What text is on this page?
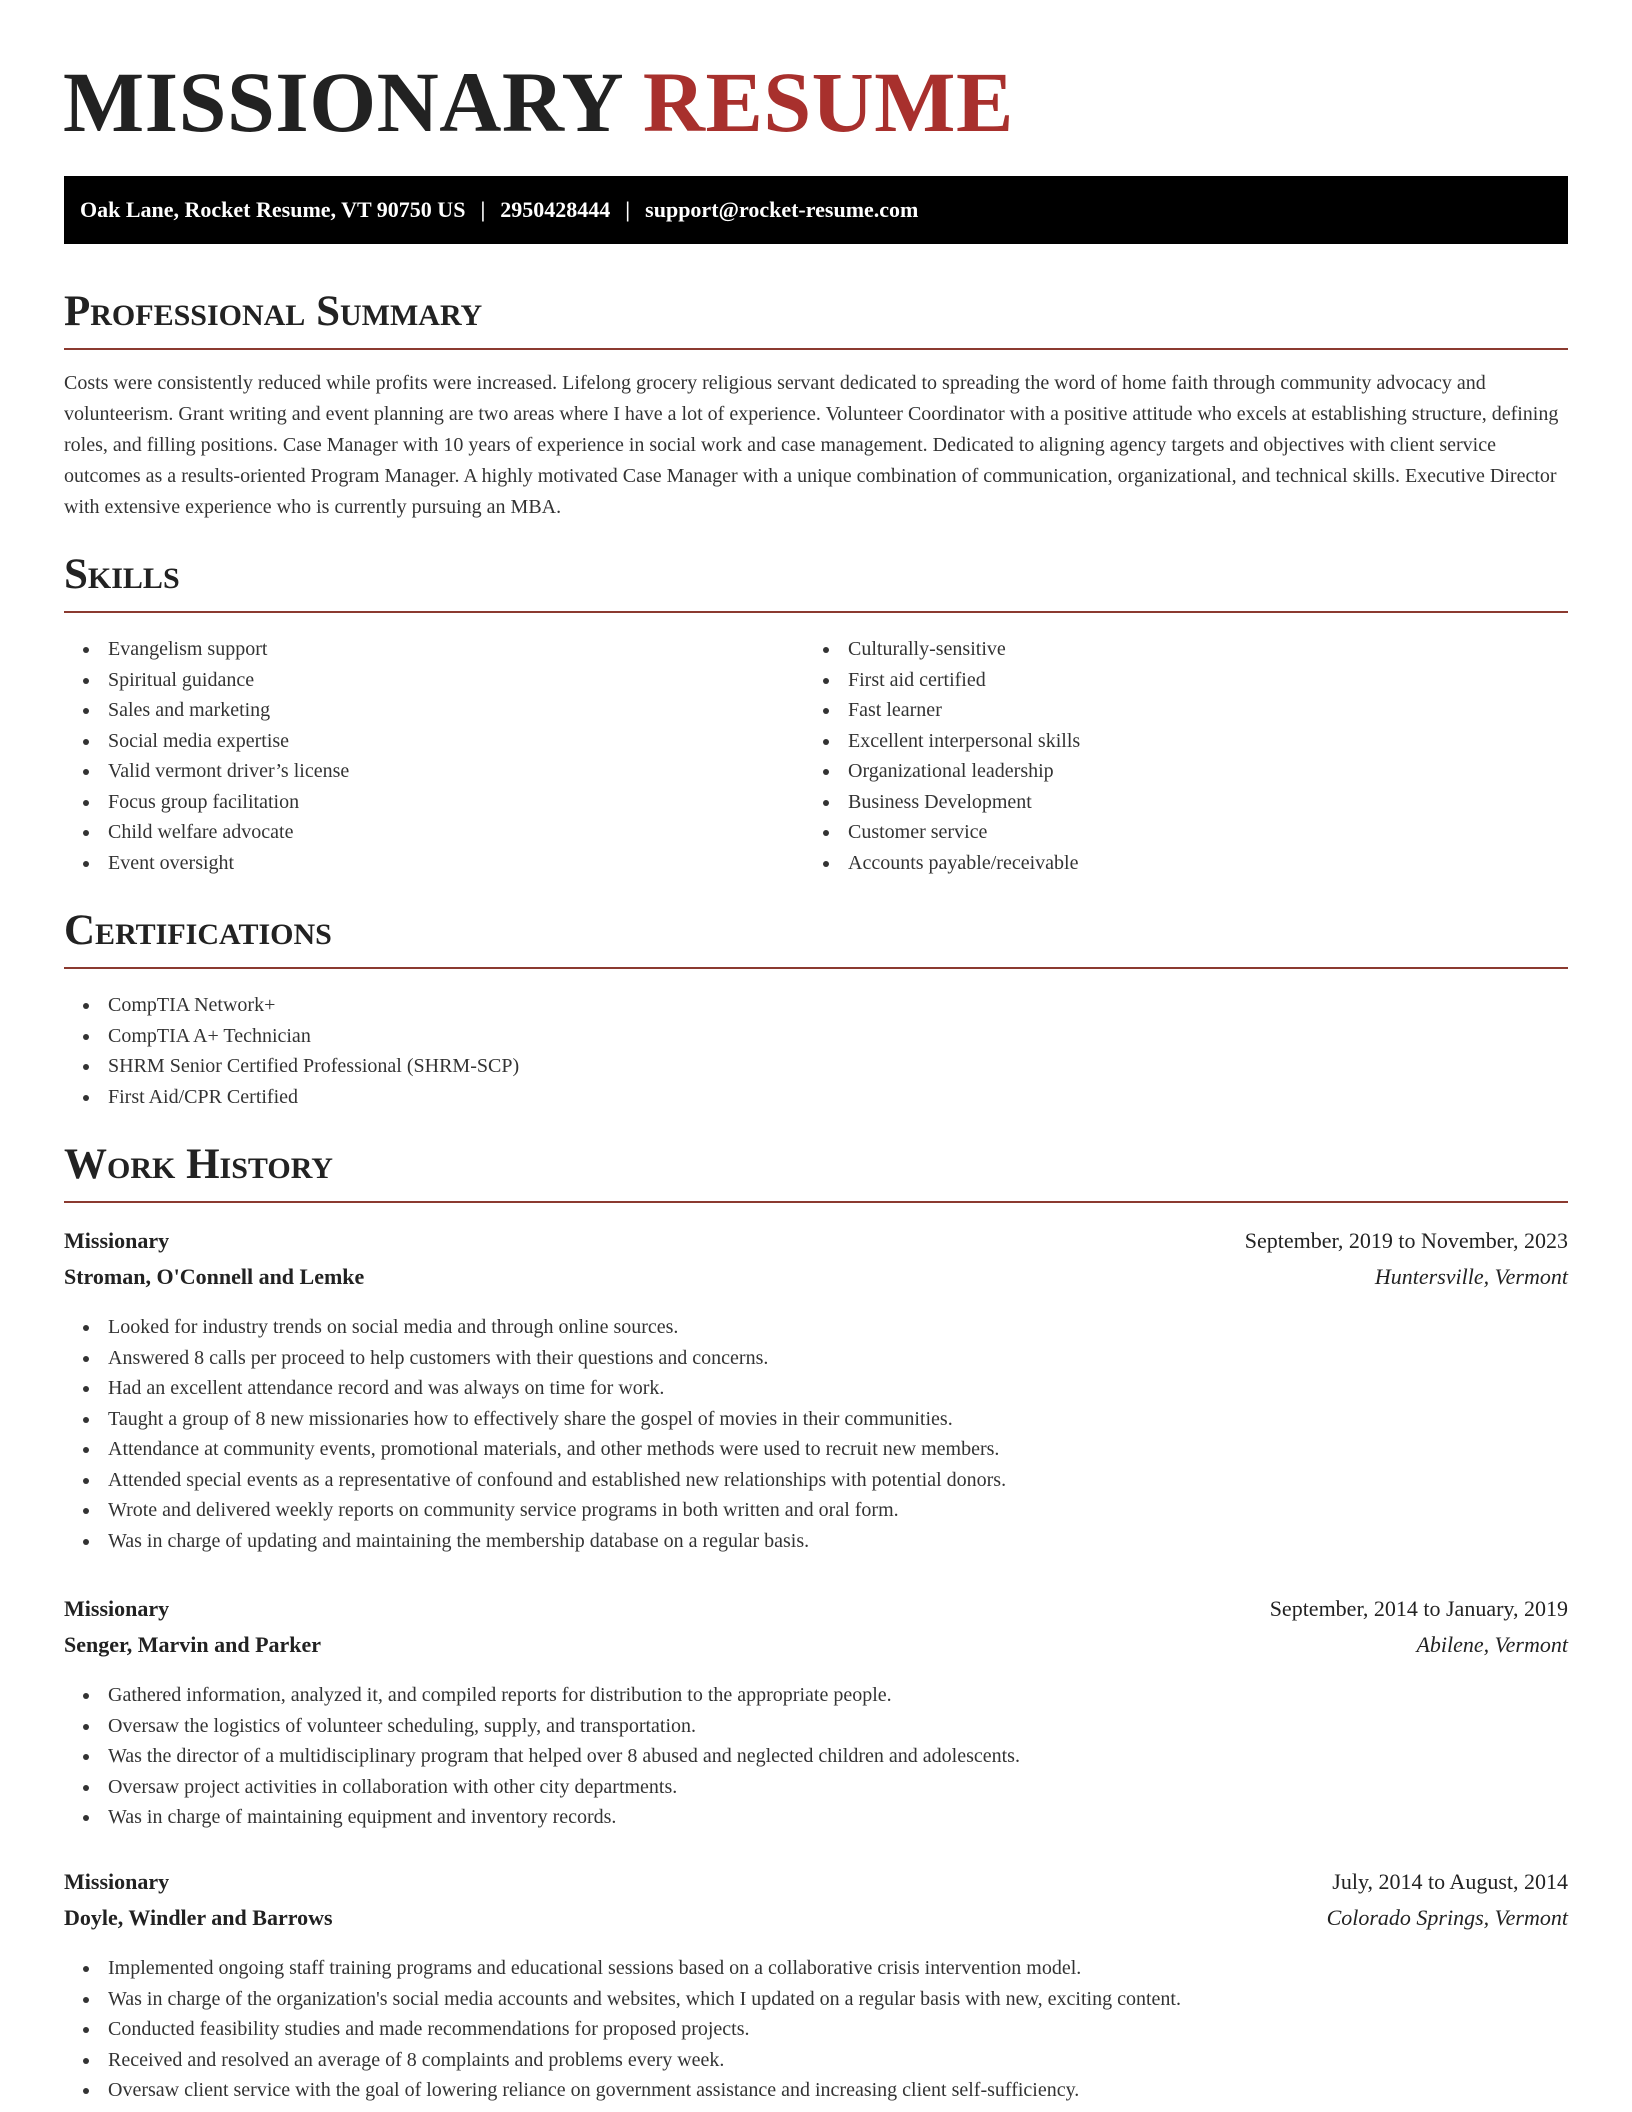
MISSIONARY RESUME
Oak Lane, Rocket Resume, VT 90750 US | 2950428444 | support@rocket-resume.com
Professional Summary

Costs were consistently reduced while profits were increased. Lifelong grocery religious servant dedicated to spreading the word of home faith through community advocacy and volunteerism. Grant writing and event planning are two areas where I have a lot of experience. Volunteer Coordinator with a positive attitude who excels at establishing structure, defining roles, and filling positions. Case Manager with 10 years of experience in social work and case management. Dedicated to aligning agency targets and objectives with client service outcomes as a results-oriented Program Manager. A highly motivated Case Manager with a unique combination of communication, organizational, and technical skills. Executive Director with extensive experience who is currently pursuing an MBA.

Skills
Evangelism support
Spiritual guidance
Sales and marketing
Social media expertise
Valid vermont driver’s license
Focus group facilitation
Child welfare advocate
Event oversight
Culturally-sensitive
First aid certified
Fast learner
Excellent interpersonal skills
Organizational leadership
Business Development
Customer service
Accounts payable/receivable
Certifications
CompTIA Network+
CompTIA A+ Technician
SHRM Senior Certified Professional (SHRM-SCP)
First Aid/CPR Certified
Work History
Missionary	September, 2019 to November, 2023
Stroman, O'Connell and Lemke	Huntersville, Vermont
Looked for industry trends on social media and through online sources.
Answered 8 calls per proceed to help customers with their questions and concerns.
Had an excellent attendance record and was always on time for work.
Taught a group of 8 new missionaries how to effectively share the gospel of movies in their communities.
Attendance at community events, promotional materials, and other methods were used to recruit new members.
Attended special events as a representative of confound and established new relationships with potential donors.
Wrote and delivered weekly reports on community service programs in both written and oral form.
Was in charge of updating and maintaining the membership database on a regular basis.
Missionary	September, 2014 to January, 2019
Senger, Marvin and Parker	Abilene, Vermont
Gathered information, analyzed it, and compiled reports for distribution to the appropriate people.
Oversaw the logistics of volunteer scheduling, supply, and transportation.
Was the director of a multidisciplinary program that helped over 8 abused and neglected children and adolescents.
Oversaw project activities in collaboration with other city departments.
Was in charge of maintaining equipment and inventory records.
Missionary	July, 2014 to August, 2014
Doyle, Windler and Barrows	Colorado Springs, Vermont
Implemented ongoing staff training programs and educational sessions based on a collaborative crisis intervention model.
Was in charge of the organization's social media accounts and websites, which I updated on a regular basis with new, exciting content.
Conducted feasibility studies and made recommendations for proposed projects.
Received and resolved an average of 8 complaints and problems every week.
Oversaw client service with the goal of lowering reliance on government assistance and increasing client self-sufficiency.
